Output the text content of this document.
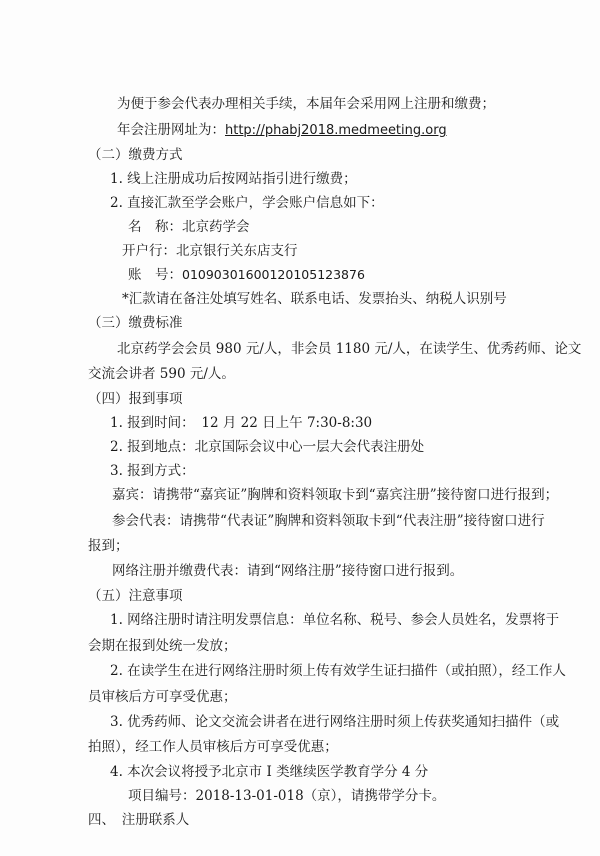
为便于参会代表办理相关手续，本届年会采用网上注册和缴费；
年会注册网址为：http://phabj2018.medmeeting.org
（二）缴费方式
1. 线上注册成功后按网站指引进行缴费；
2. 直接汇款至学会账户，学会账户信息如下：
名　称：北京药学会
开户行：北京银行关东店支行
账　号：01090301600120105123876
*汇款请在备注处填写姓名、联系电话、发票抬头、纳税人识别号
（三）缴费标准
北京药学会会员 980 元/人，非会员 1180 元/人，在读学生、优秀药师、论文
交流会讲者 590 元/人。
（四）报到事项
1. 报到时间：　12 月 22 日上午 7:30-8:30
2. 报到地点：北京国际会议中心一层大会代表注册处
3. 报到方式：
嘉宾：请携带“嘉宾证”胸牌和资料领取卡到“嘉宾注册”接待窗口进行报到；
参会代表：请携带“代表证”胸牌和资料领取卡到“代表注册”接待窗口进行
报到；
网络注册并缴费代表：请到“网络注册”接待窗口进行报到。
（五）注意事项
1. 网络注册时请注明发票信息：单位名称、税号、参会人员姓名，发票将于
会期在报到处统一发放；
2. 在读学生在进行网络注册时须上传有效学生证扫描件（或拍照），经工作人
员审核后方可享受优惠；
3. 优秀药师、论文交流会讲者在进行网络注册时须上传获奖通知扫描件（或
拍照），经工作人员审核后方可享受优惠；
4. 本次会议将授予北京市 I 类继续医学教育学分 4 分
项目编号：2018-13-01-018（京），请携带学分卡。
四、　注册联系人
